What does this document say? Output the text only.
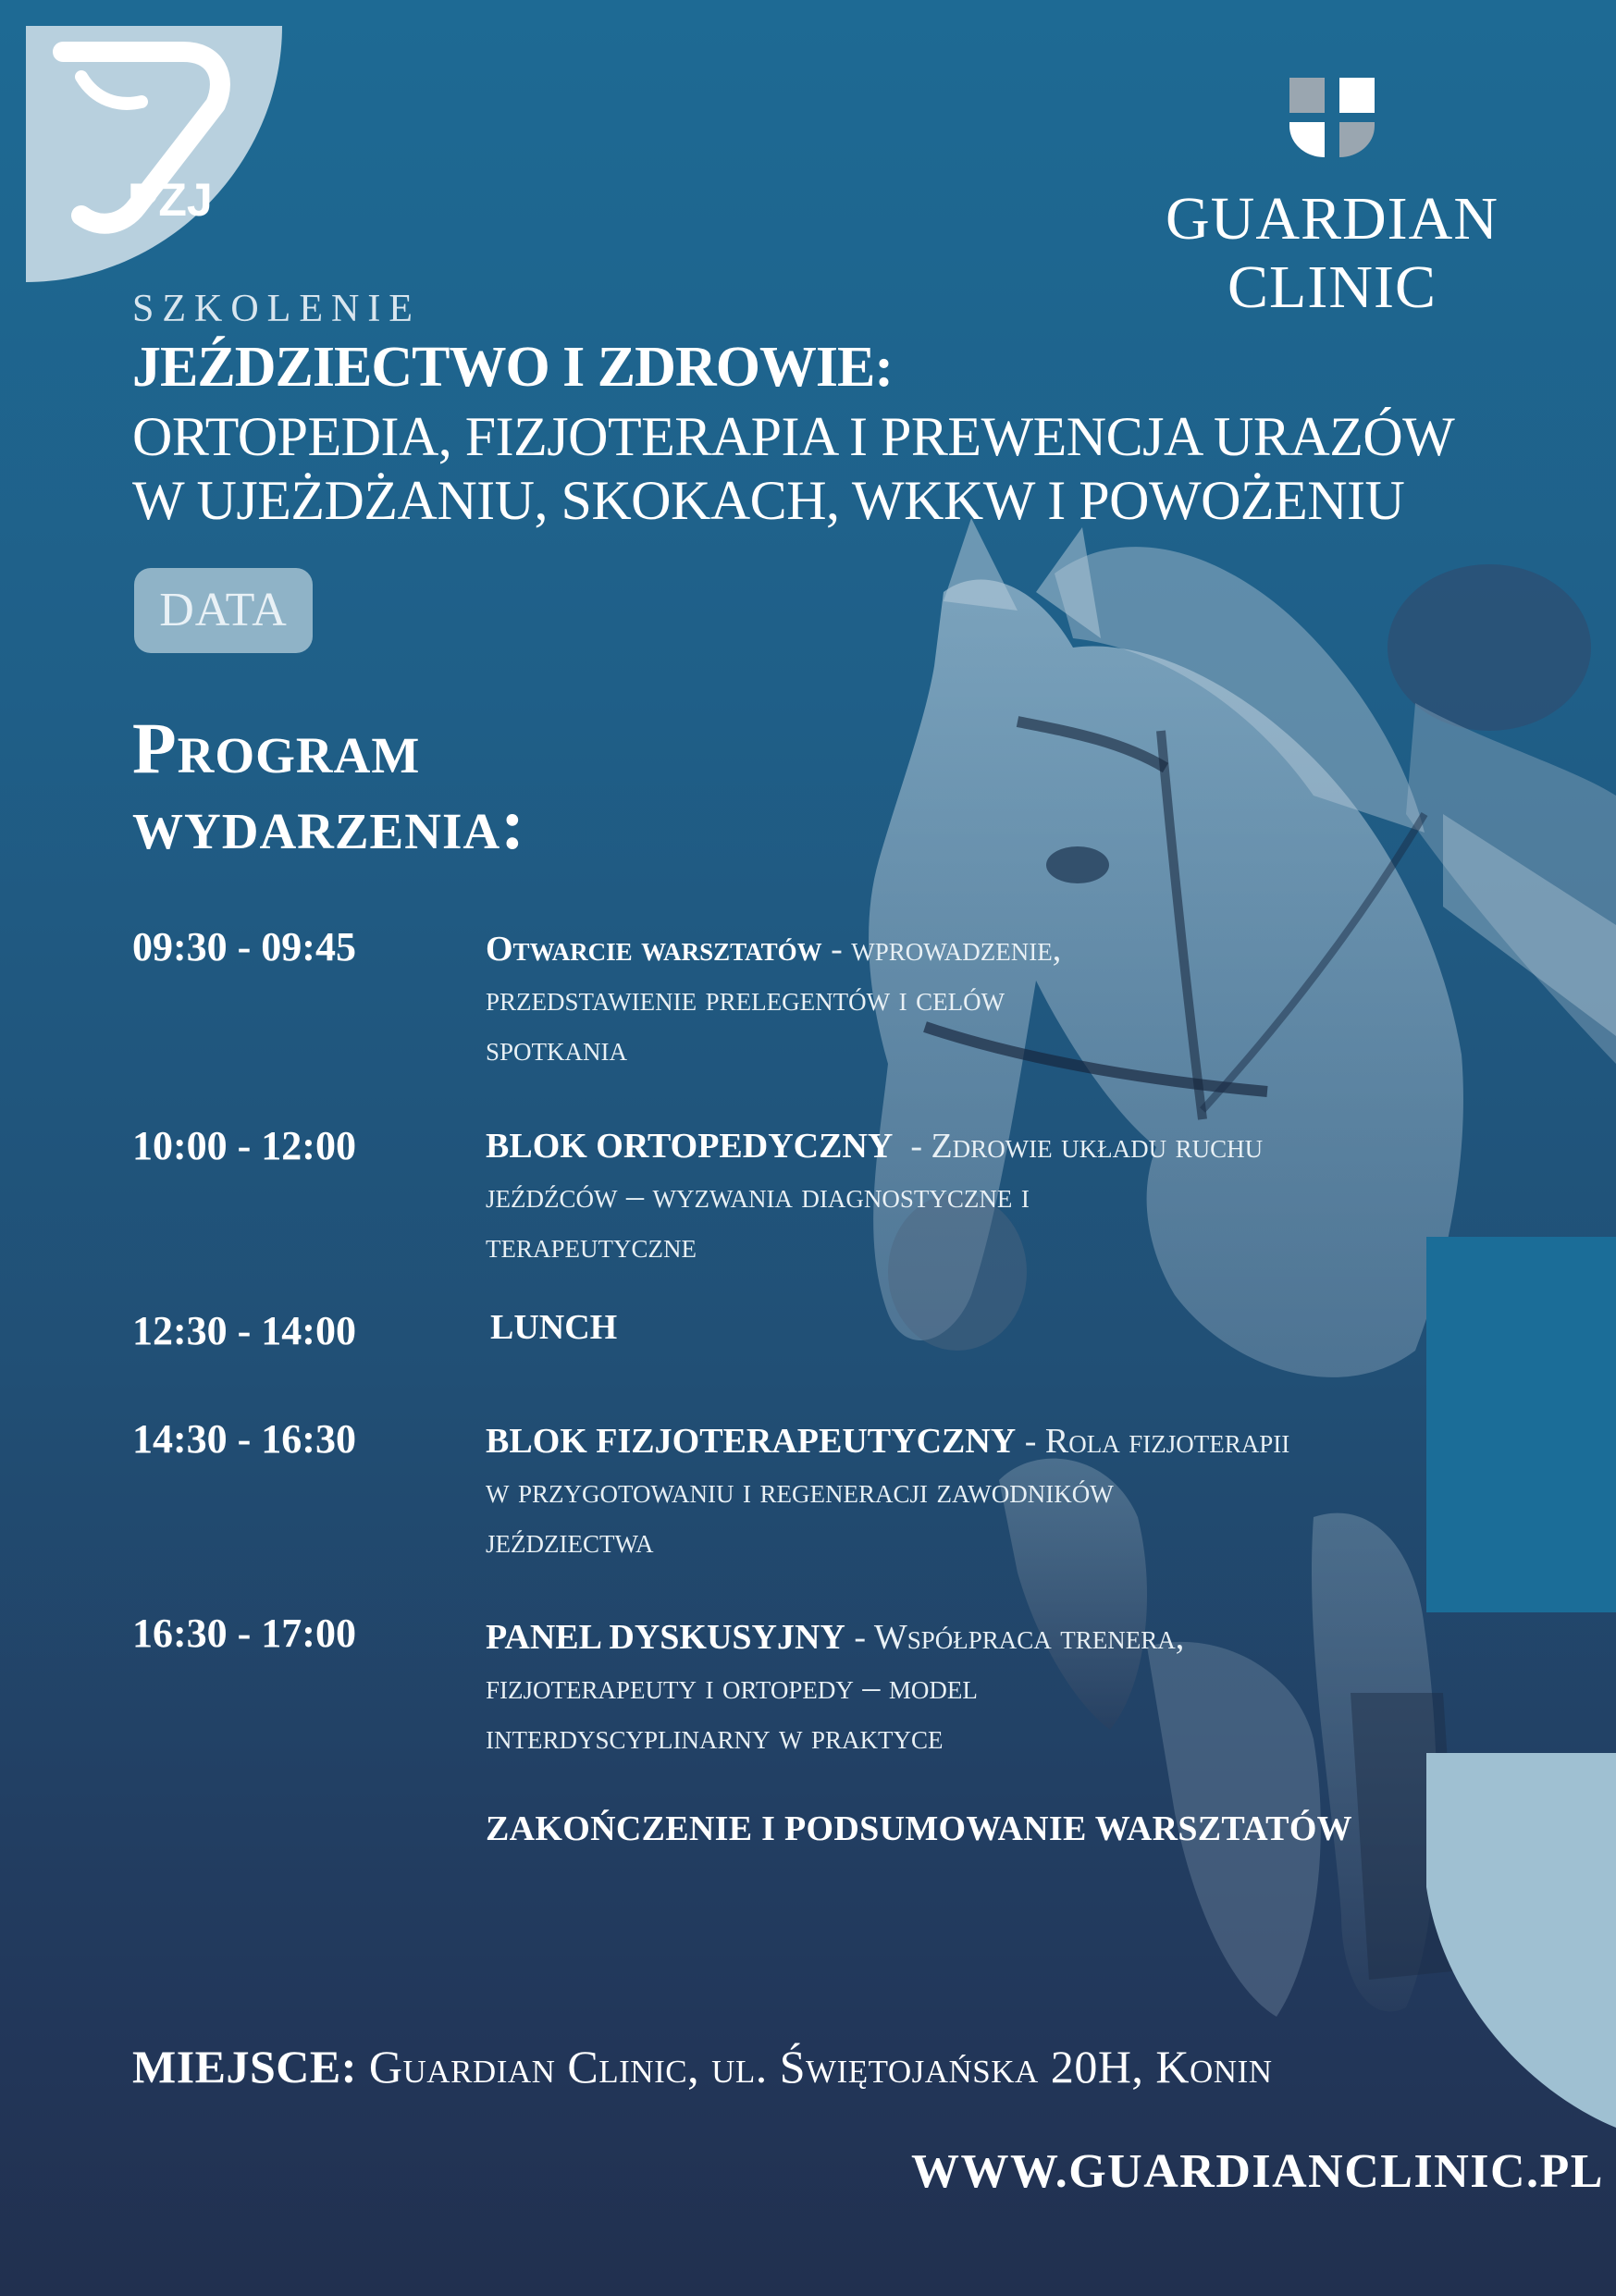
PZJ	GUARDIAN
CLINIC
SZKOLENIE
JEŹDZIECTWO I ZDROWIE:
ORTOPEDIA, FIZJOTERAPIA I PREWENCJA URAZÓW
W UJEŻDŻANIU, SKOKACH, WKKW I POWOŻENIU
DATA
Program
wydarzenia:
09:30 - 09:45	Otwarcie warsztatów - wprowadzenie,
przedstawienie prelegentów i celów
spotkania
10:00 - 12:00	BLOK ORTOPEDYCZNY  - Zdrowie układu ruchu
jeźdźców – wyzwania diagnostyczne i
terapeutyczne
12:30 - 14:00	LUNCH
14:30 - 16:30	BLOK FIZJOTERAPEUTYCZNY - Rola fizjoterapii
w przygotowaniu i regeneracji zawodników
jeździectwa
16:30 - 17:00	PANEL DYSKUSYJNY - Współpraca trenera,
fizjoterapeuty i ortopedy – model
interdyscyplinarny w praktyce
ZAKOŃCZENIE I PODSUMOWANIE WARSZTATÓW
MIEJSCE: Guardian Clinic, ul. Świętojańska 20H, Konin
WWW.GUARDIANCLINIC.PL
